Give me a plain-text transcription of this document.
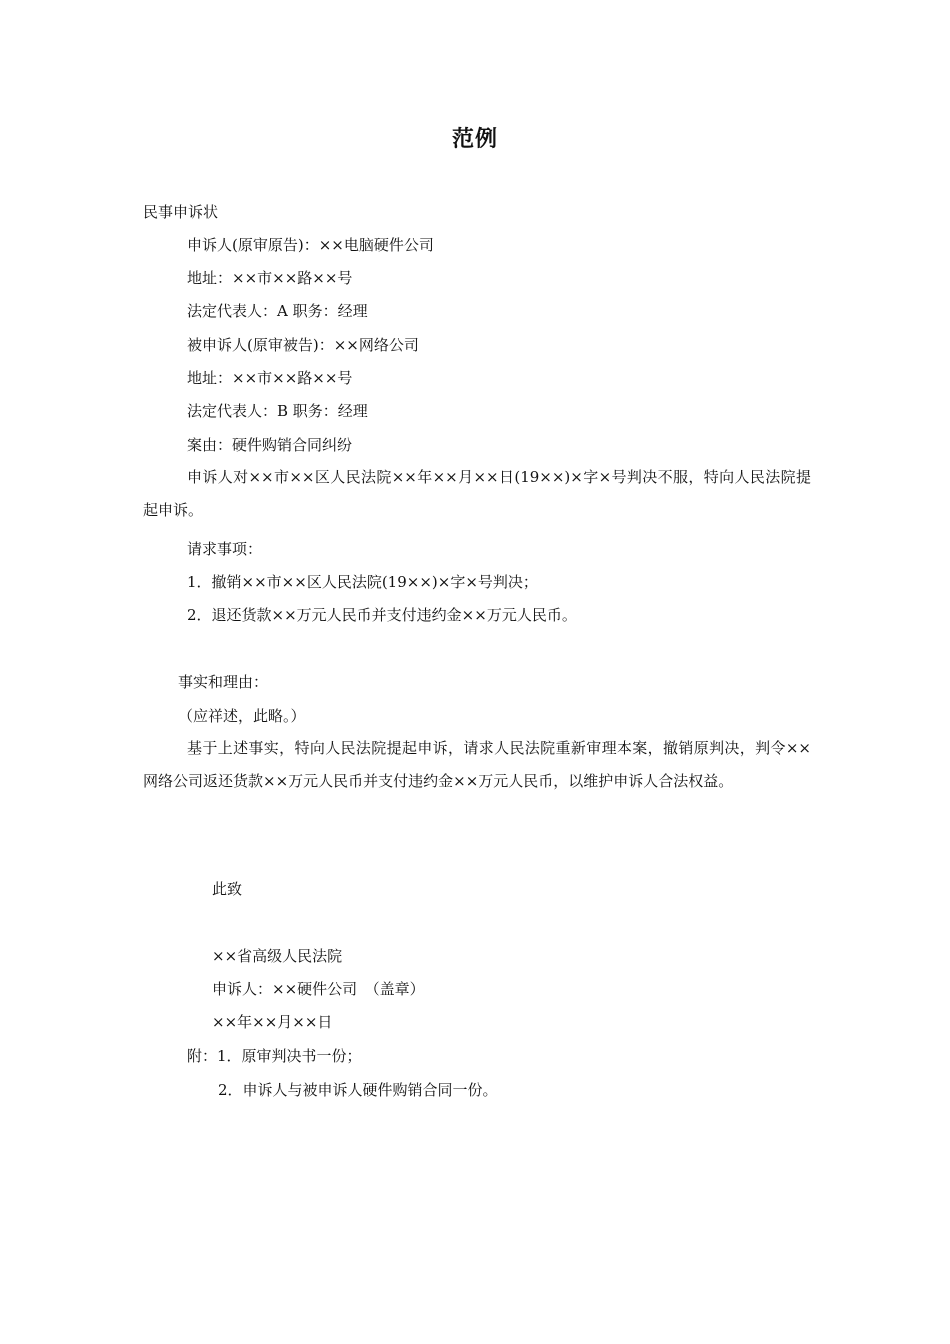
范例
民事申诉状
申诉人(原审原告)：××电脑硬件公司
地址：××市××路××号
法定代表人：A 职务：经理
被申诉人(原审被告)：××网络公司
地址：××市××路××号
法定代表人：B 职务：经理
案由：硬件购销合同纠纷
申诉人对××市××区人民法院××年××月××日(19××)×字×号判决不服，特向人民法院提起申诉。
请求事项：
1．撤销××市××区人民法院(19××)×字×号判决；
2．退还货款××万元人民币并支付违约金××万元人民币。
事实和理由：
（应祥述，此略。）
基于上述事实，特向人民法院提起申诉，请求人民法院重新审理本案，撤销原判决，判令××网络公司返还货款××万元人民币并支付违约金××万元人民币，以维护申诉人合法权益。
此致
××省高级人民法院
申诉人：××硬件公司　（盖章）
××年××月××日
附：1．原审判决书一份；
2．申诉人与被申诉人硬件购销合同一份。
